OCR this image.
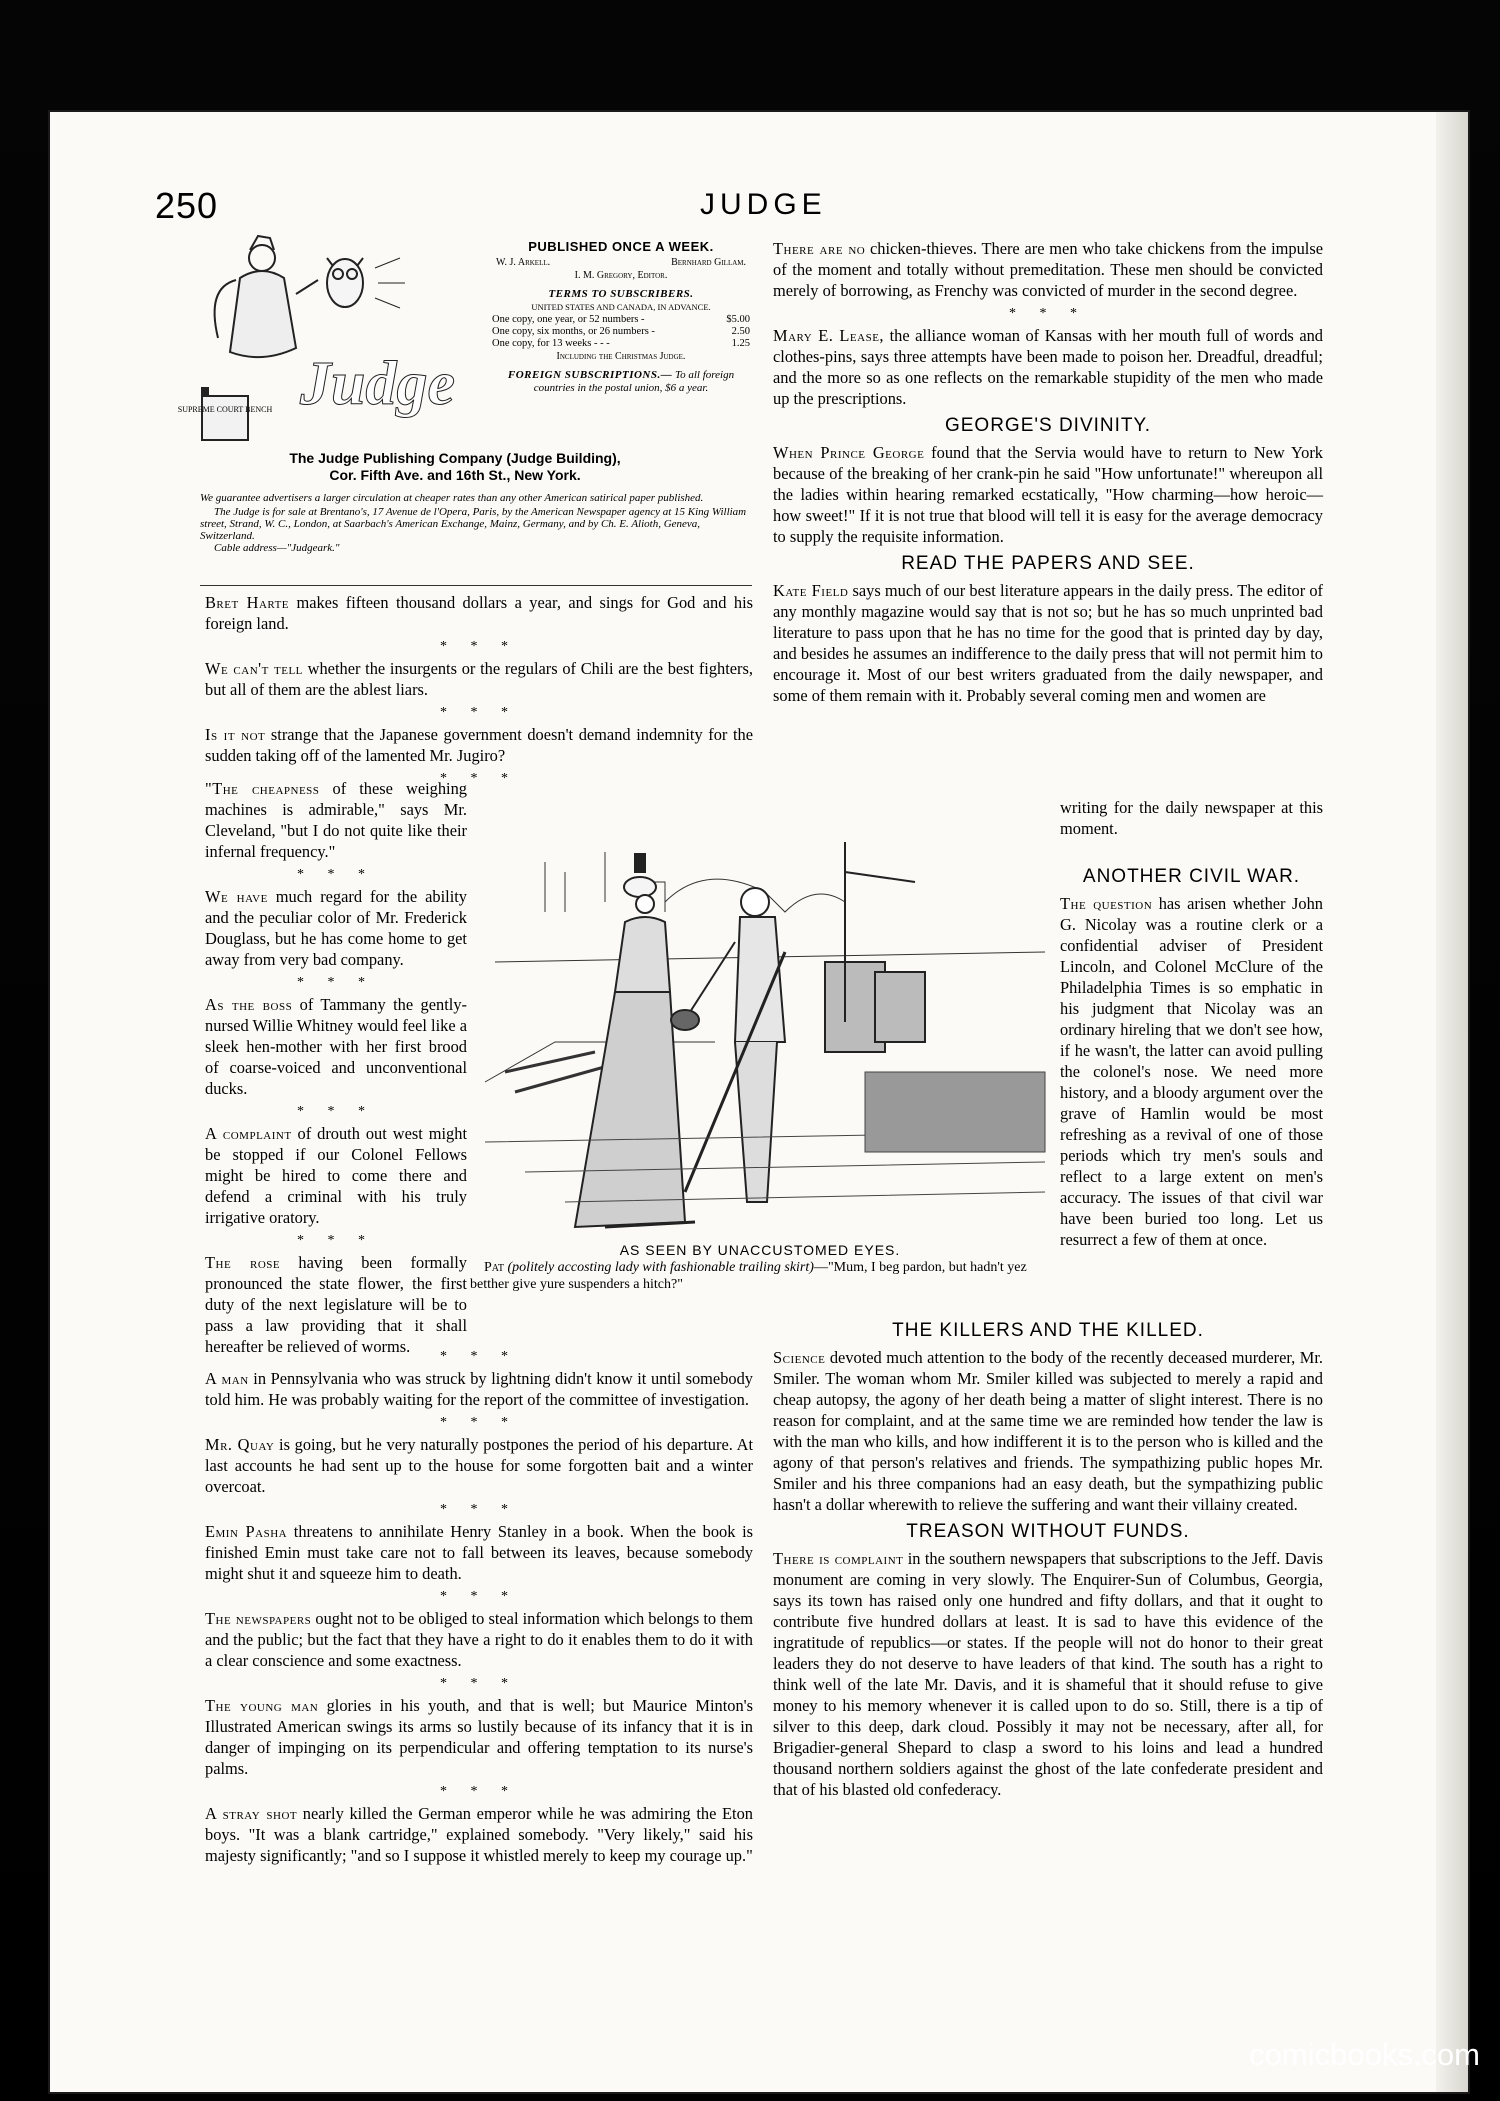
250	JUDGE
SUPREME COURT BENCH Judge
PUBLISHED ONCE A WEEK.
W. J. Arkell.	Bernhard Gillam.
I. M. Gregory, Editor.
TERMS TO SUBSCRIBERS.
UNITED STATES AND CANADA, IN ADVANCE.
One copy, one year, or 52 numbers -	$5.00
One copy, six months, or 26 numbers -	2.50
One copy, for 13 weeks - - -	1.25
Including the Christmas Judge.
FOREIGN SUBSCRIPTIONS.— To all foreign countries in the postal union, $6 a year.
The Judge Publishing Company (Judge Building),
Cor. Fifth Ave. and 16th St., New York.
We guarantee advertisers a larger circulation at cheaper rates than any other American satirical paper published.
The Judge is for sale at Brentano's, 17 Avenue de l'Opera, Paris, by the American Newspaper agency at 15 King William street, Strand, W. C., London, at Saarbach's American Exchange, Mainz, Germany, and by Ch. E. Alioth, Geneva, Switzerland.
Cable address—"Judgeark."

Bret Harte makes fifteen thousand dollars a year, and sings for God and his foreign land.

* * *

We can't tell whether the insurgents or the regulars of Chili are the best fighters, but all of them are the ablest liars.

* * *

Is it not strange that the Japanese government doesn't demand indemnity for the sudden taking off of the lamented Mr. Jugiro?

* * *

"The cheapness of these weighing machines is admirable," says Mr. Cleveland, "but I do not quite like their infernal frequency."

* * *

We have much regard for the ability and the peculiar color of Mr. Frederick Douglass, but he has come home to get away from very bad company.

* * *

As the boss of Tammany the gently-nursed Willie Whitney would feel like a sleek hen-mother with her first brood of coarse-voiced and unconventional ducks.

* * *

A complaint of drouth out west might be stopped if our Colonel Fellows might be hired to come there and defend a criminal with his truly irrigative oratory.

* * *

The rose having been formally pronounced the state flower, the first duty of the next legislature will be to pass a law providing that it shall hereafter be relieved of worms.

* * *

A man in Pennsylvania who was struck by lightning didn't know it until somebody told him. He was probably waiting for the report of the committee of investigation.

* * *

Mr. Quay is going, but he very naturally postpones the period of his departure. At last accounts he had sent up to the house for some forgotten bait and a winter overcoat.

* * *

Emin Pasha threatens to annihilate Henry Stanley in a book. When the book is finished Emin must take care not to fall between its leaves, because somebody might shut it and squeeze him to death.

* * *

The newspapers ought not to be obliged to steal information which belongs to them and the public; but the fact that they have a right to do it enables them to do it with a clear conscience and some exactness.

* * *

The young man glories in his youth, and that is well; but Maurice Minton's Illustrated American swings its arms so lustily because of its infancy that it is in danger of impinging on its perpendicular and offering temptation to its nurse's palms.

* * *

A stray shot nearly killed the German emperor while he was admiring the Eton boys. "It was a blank cartridge," explained somebody. "Very likely," said his majesty significantly; "and so I suppose it whistled merely to keep my courage up."

There are no chicken-thieves. There are men who take chickens from the impulse of the moment and totally without premeditation. These men should be convicted merely of borrowing, as Frenchy was convicted of murder in the second degree.

* * *

Mary E. Lease, the alliance woman of Kansas with her mouth full of words and clothes-pins, says three attempts have been made to poison her. Dreadful, dreadful; and the more so as one reflects on the remarkable stupidity of the men who made up the prescriptions.

GEORGE'S DIVINITY.

When Prince George found that the Servia would have to return to New York because of the breaking of her crank-pin he said "How unfortunate!" whereupon all the ladies within hearing remarked ecstatically, "How charming—how heroic—how sweet!" If it is not true that blood will tell it is easy for the average democracy to supply the requisite information.

READ THE PAPERS AND SEE.

Kate Field says much of our best literature appears in the daily press. The editor of any monthly magazine would say that is not so; but he has so much unprinted bad literature to pass upon that he has no time for the good that is printed day by day, and besides he assumes an indifference to the daily press that will not permit him to encourage it. Most of our best writers graduated from the daily newspaper, and some of them remain with it. Probably several coming men and women are

writing for the daily newspaper at this moment.

ANOTHER CIVIL WAR.

The question has arisen whether John G. Nicolay was a routine clerk or a confidential adviser of President Lincoln, and Colonel McClure of the Philadelphia Times is so emphatic in his judgment that Nicolay was an ordinary hireling that we don't see how, if he wasn't, the latter can avoid pulling the colonel's nose. We need more history, and a bloody argument over the grave of Hamlin would be most refreshing as a revival of one of those periods which try men's souls and reflect to a large extent on men's accuracy. The issues of that civil war have been buried too long. Let us resurrect a few of them at once.

AS SEEN BY UNACCUSTOMED EYES.
Pat (politely accosting lady with fashionable trailing skirt)—"Mum, I beg pardon, but hadn't yez betther give yure suspenders a hitch?"
THE KILLERS AND THE KILLED.

Science devoted much attention to the body of the recently deceased murderer, Mr. Smiler. The woman whom Mr. Smiler killed was subjected to merely a rapid and cheap autopsy, the agony of her death being a matter of slight interest. There is no reason for complaint, and at the same time we are reminded how tender the law is with the man who kills, and how indifferent it is to the person who is killed and the agony of that person's relatives and friends. The sympathizing public hopes Mr. Smiler and his three companions had an easy death, but the sympathizing public hasn't a dollar wherewith to relieve the suffering and want their villainy created.

TREASON WITHOUT FUNDS.

There is complaint in the southern newspapers that subscriptions to the Jeff. Davis monument are coming in very slowly. The Enquirer-Sun of Columbus, Georgia, says its town has raised only one hundred and fifty dollars, and that it ought to contribute five hundred dollars at least. It is sad to have this evidence of the ingratitude of republics—or states. If the people will not do honor to their great leaders they do not deserve to have leaders of that kind. The south has a right to think well of the late Mr. Davis, and it is shameful that it should refuse to give money to his memory whenever it is called upon to do so. Still, there is a tip of silver to this deep, dark cloud. Possibly it may not be necessary, after all, for Brigadier-general Shepard to clasp a sword to his loins and lead a hundred thousand northern soldiers against the ghost of the late confederate president and that of his blasted old confederacy.

comicbooks.com
